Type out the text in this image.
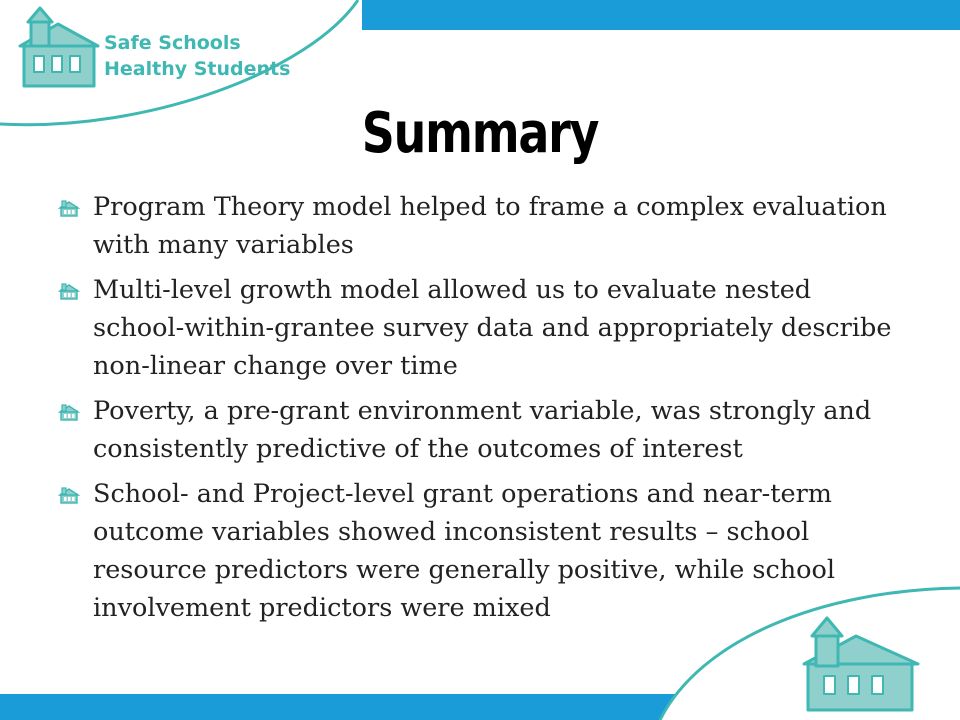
Safe Schools
Healthy Students
Summary
Program Theory model helped to frame a complex evaluation with many variables
Multi-level growth model allowed us to evaluate nested school-within-grantee survey data and appropriately describe non-linear change over time
Poverty, a pre-grant environment variable, was strongly and consistently predictive of the outcomes of interest
School- and Project-level grant operations and near-term outcome variables showed inconsistent results – school resource predictors were generally positive, while school involvement predictors were mixed
